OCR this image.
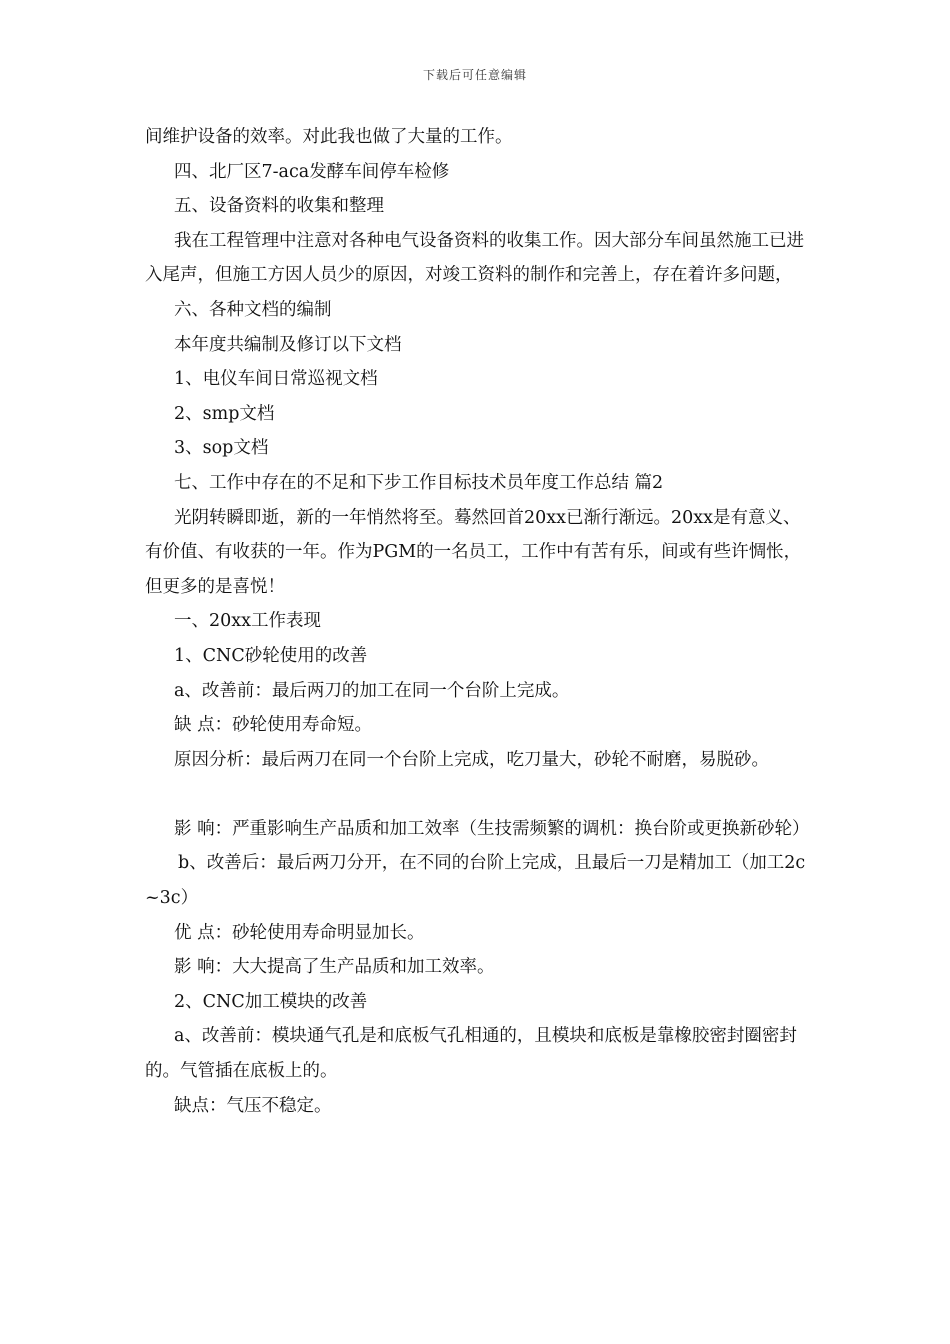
下载后可任意编辑

间维护设备的效率。对此我也做了大量的工作。

四、北厂区7-aca发酵车间停车检修

五、设备资料的收集和整理

我在工程管理中注意对各种电气设备资料的收集工作。因大部分车间虽然施工已进入尾声，但施工方因人员少的原因，对竣工资料的制作和完善上，存在着许多问题，

六、各种文档的编制

本年度共编制及修订以下文档

1、电仪车间日常巡视文档

2、smp文档

3、sop文档

七、工作中存在的不足和下步工作目标技术员年度工作总结 篇2

光阴转瞬即逝，新的一年悄然将至。蓦然回首20xx已渐行渐远。20xx是有意义、有价值、有收获的一年。作为PGM的一名员工，工作中有苦有乐，间或有些许惆怅，但更多的是喜悦！

一、20xx工作表现

1、CNC砂轮使用的改善

a、改善前：最后两刀的加工在同一个台阶上完成。

缺 点：砂轮使用寿命短。

原因分析：最后两刀在同一个台阶上完成，吃刀量大，砂轮不耐磨，易脱砂。

影 响：严重影响生产品质和加工效率（生技需频繁的调机：换台阶或更换新砂轮）

b、改善后：最后两刀分开，在不同的台阶上完成，且最后一刀是精加工（加工2c~3c）

优 点：砂轮使用寿命明显加长。

影 响：大大提高了生产品质和加工效率。

2、CNC加工模块的改善

a、改善前：模块通气孔是和底板气孔相通的，且模块和底板是靠橡胶密封圈密封的。气管插在底板上的。

缺点：气压不稳定。
